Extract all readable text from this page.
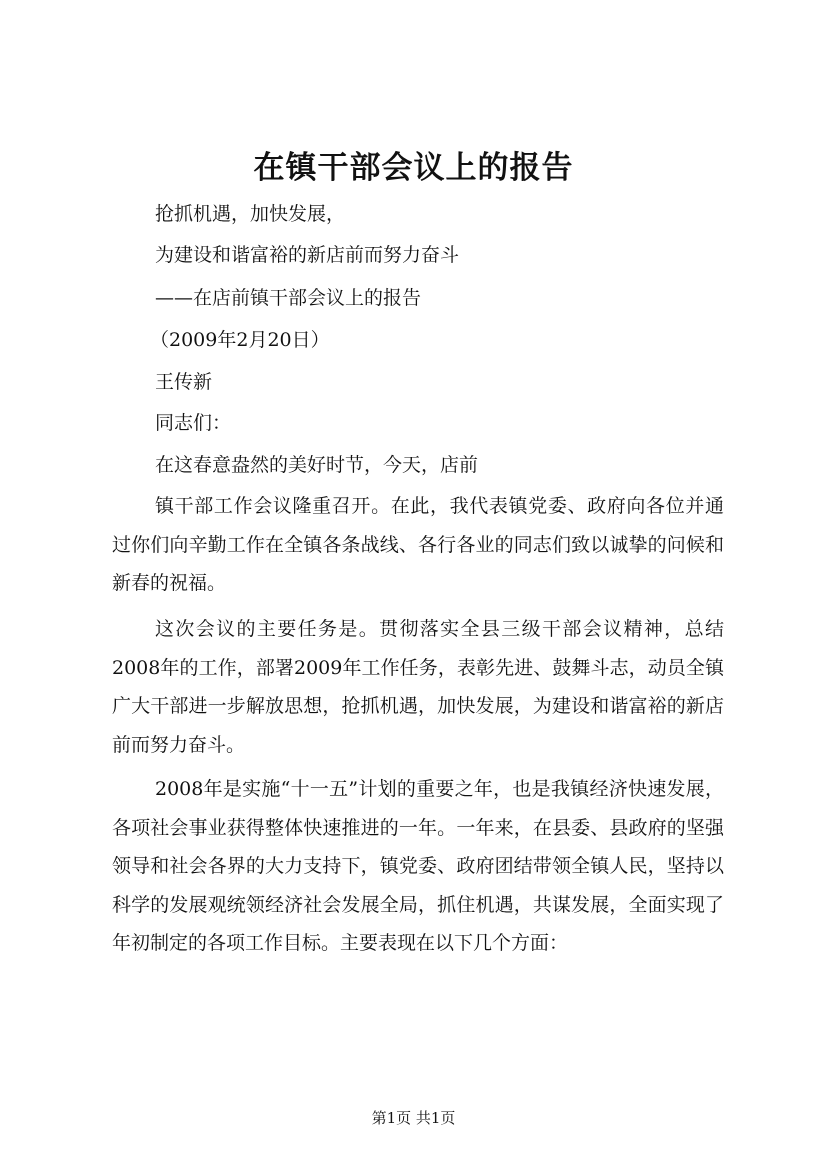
在镇干部会议上的报告
抢抓机遇，加快发展，
为建设和谐富裕的新店前而努力奋斗
——在店前镇干部会议上的报告
（2009年2月20日）
王传新
同志们：
在这春意盎然的美好时节，今天，店前

镇干部工作会议隆重召开。在此，我代表镇党委、政府向各位并通过你们向辛勤工作在全镇各条战线、各行各业的同志们致以诚挚的问候和新春的祝福。

这次会议的主要任务是。贯彻落实全县三级干部会议精神，总结2008年的工作，部署2009年工作任务，表彰先进、鼓舞斗志，动员全镇广大干部进一步解放思想，抢抓机遇，加快发展，为建设和谐富裕的新店前而努力奋斗。

2008年是实施“十一五”计划的重要之年，也是我镇经济快速发展，各项社会事业获得整体快速推进的一年。一年来，在县委、县政府的坚强领导和社会各界的大力支持下，镇党委、政府团结带领全镇人民，坚持以科学的发展观统领经济社会发展全局，抓住机遇，共谋发展，全面实现了年初制定的各项工作目标。主要表现在以下几个方面：

第1页 共1页
